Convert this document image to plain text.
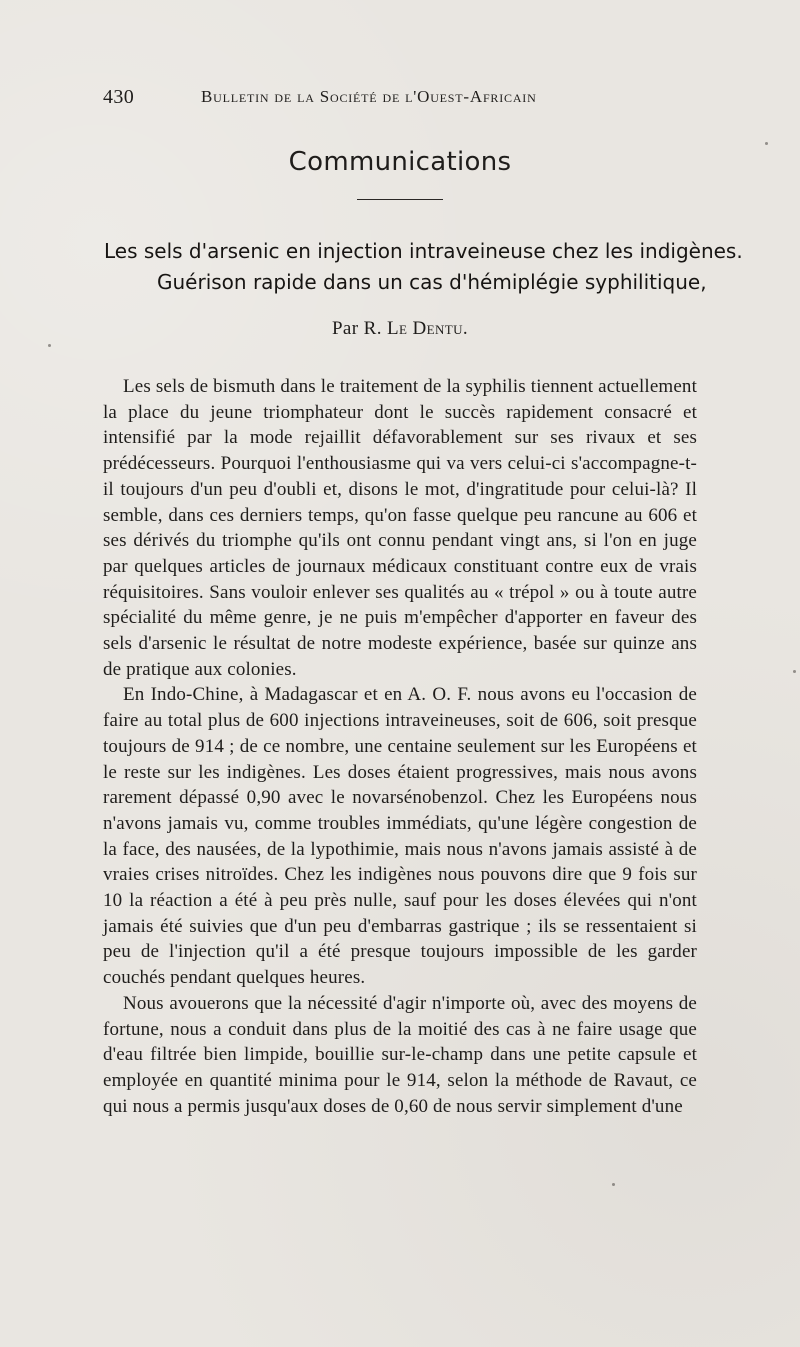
430	Bulletin de la Société de l'Ouest-Africain
Communications
Les sels d'arsenic en injection intraveineuse chez les indigènes.
Guérison rapide dans un cas d'hémiplégie syphilitique,
Par R. Le Dentu.

Les sels de bismuth dans le traitement de la syphilis tiennent actuellement la place du jeune triomphateur dont le succès rapidement consacré et intensifié par la mode rejaillit défavorablement sur ses rivaux et ses prédécesseurs. Pourquoi l'enthousiasme qui va vers celui-ci s'accompagne-t-il toujours d'un peu d'oubli et, disons le mot, d'ingratitude pour celui-là? Il semble, dans ces derniers temps, qu'on fasse quelque peu rancune au 606 et ses dérivés du triomphe qu'ils ont connu pendant vingt ans, si l'on en juge par quelques articles de journaux médicaux constituant contre eux de vrais réquisitoires. Sans vouloir enlever ses qualités au « trépol » ou à toute autre spécialité du même genre, je ne puis m'empêcher d'apporter en faveur des sels d'arsenic le résultat de notre modeste expérience, basée sur quinze ans de pratique aux colonies.

En Indo-Chine, à Madagascar et en A. O. F. nous avons eu l'occasion de faire au total plus de 600 injections intraveineuses, soit de 606, soit presque toujours de 914 ; de ce nombre, une centaine seulement sur les Européens et le reste sur les indigènes. Les doses étaient progressives, mais nous avons rarement dépassé 0,90 avec le novarsénobenzol. Chez les Européens nous n'avons jamais vu, comme troubles immédiats, qu'une légère congestion de la face, des nausées, de la lypothimie, mais nous n'avons jamais assisté à de vraies crises nitroïdes. Chez les indigènes nous pouvons dire que 9 fois sur 10 la réaction a été à peu près nulle, sauf pour les doses élevées qui n'ont jamais été suivies que d'un peu d'embarras gastrique ; ils se ressentaient si peu de l'injection qu'il a été presque toujours impossible de les garder couchés pendant quelques heures.

Nous avouerons que la nécessité d'agir n'importe où, avec des moyens de fortune, nous a conduit dans plus de la moitié des cas à ne faire usage que d'eau filtrée bien limpide, bouillie sur-le-champ dans une petite capsule et employée en quantité minima pour le 914, selon la méthode de Ravaut, ce qui nous a permis jusqu'aux doses de 0,60 de nous servir simplement d'une
